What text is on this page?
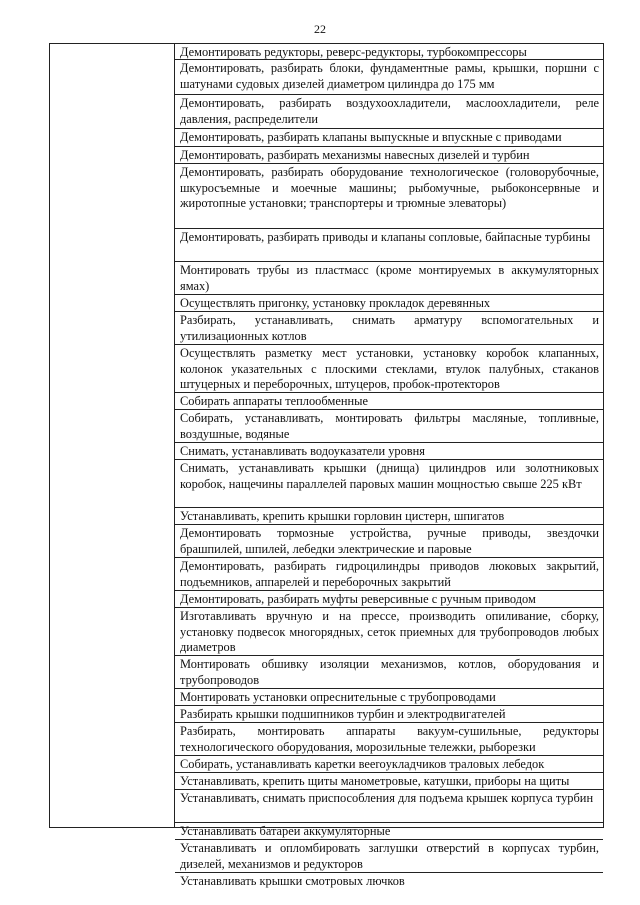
22
Демонтировать редукторы, реверс-редукторы, турбокомпрессоры
Демонтировать, разбирать блоки, фундаментные рамы, крышки, поршни с шатунами судовых дизелей диаметром цилиндра до 175 мм
Демонтировать, разбирать воздухоохладители, маслоохладители, реле давления, распределители
Демонтировать, разбирать клапаны выпускные и впускные с приводами
Демонтировать, разбирать механизмы навесных дизелей и турбин
Демонтировать, разбирать оборудование технологическое (головорубочные, шкуросъемные и моечные машины; рыбомучные, рыбоконсервные и жиротопные установки; транспортеры и трюмные элеваторы)
Демонтировать, разбирать приводы и клапаны сопловые, байпасные турбины
Монтировать трубы из пластмасс (кроме монтируемых в аккумуляторных ямах)
Осуществлять пригонку, установку прокладок деревянных
Разбирать, устанавливать, снимать арматуру вспомогательных и утилизационных котлов
Осуществлять разметку мест установки, установку коробок клапанных, колонок указательных с плоскими стеклами, втулок палубных, стаканов штуцерных и переборочных, штуцеров, пробок-протекторов
Собирать аппараты теплообменные
Собирать, устанавливать, монтировать фильтры масляные, топливные, воздушные, водяные
Снимать, устанавливать водоуказатели уровня
Снимать, устанавливать крышки (днища) цилиндров или золотниковых коробок, нащечины параллелей паровых машин мощностью свыше 225 кВт
Устанавливать, крепить крышки горловин цистерн, шпигатов
Демонтировать тормозные устройства, ручные приводы, звездочки брашпилей, шпилей, лебедки электрические и паровые
Демонтировать, разбирать гидроцилиндры приводов люковых закрытий, подъемников, аппарелей и переборочных закрытий
Демонтировать, разбирать муфты реверсивные с ручным приводом
Изготавливать вручную и на прессе, производить опиливание, сборку, установку подвесок многорядных, сеток приемных для трубопроводов любых диаметров
Монтировать обшивку изоляции механизмов, котлов, оборудования и трубопроводов
Монтировать установки опреснительные с трубопроводами
Разбирать крышки подшипников турбин и электродвигателей
Разбирать, монтировать аппараты вакуум-сушильные, редукторы технологического оборудования, морозильные тележки, рыборезки
Собирать, устанавливать каретки вееroукладчиков траловых лебедок
Устанавливать, крепить щиты манометровые, катушки, приборы на щиты
Устанавливать, снимать приспособления для подъема крышек корпуса турбин
Устанавливать батареи аккумуляторные
Устанавливать и опломбировать заглушки отверстий в корпусах турбин, дизелей, механизмов и редукторов
Устанавливать крышки смотровых лючков
